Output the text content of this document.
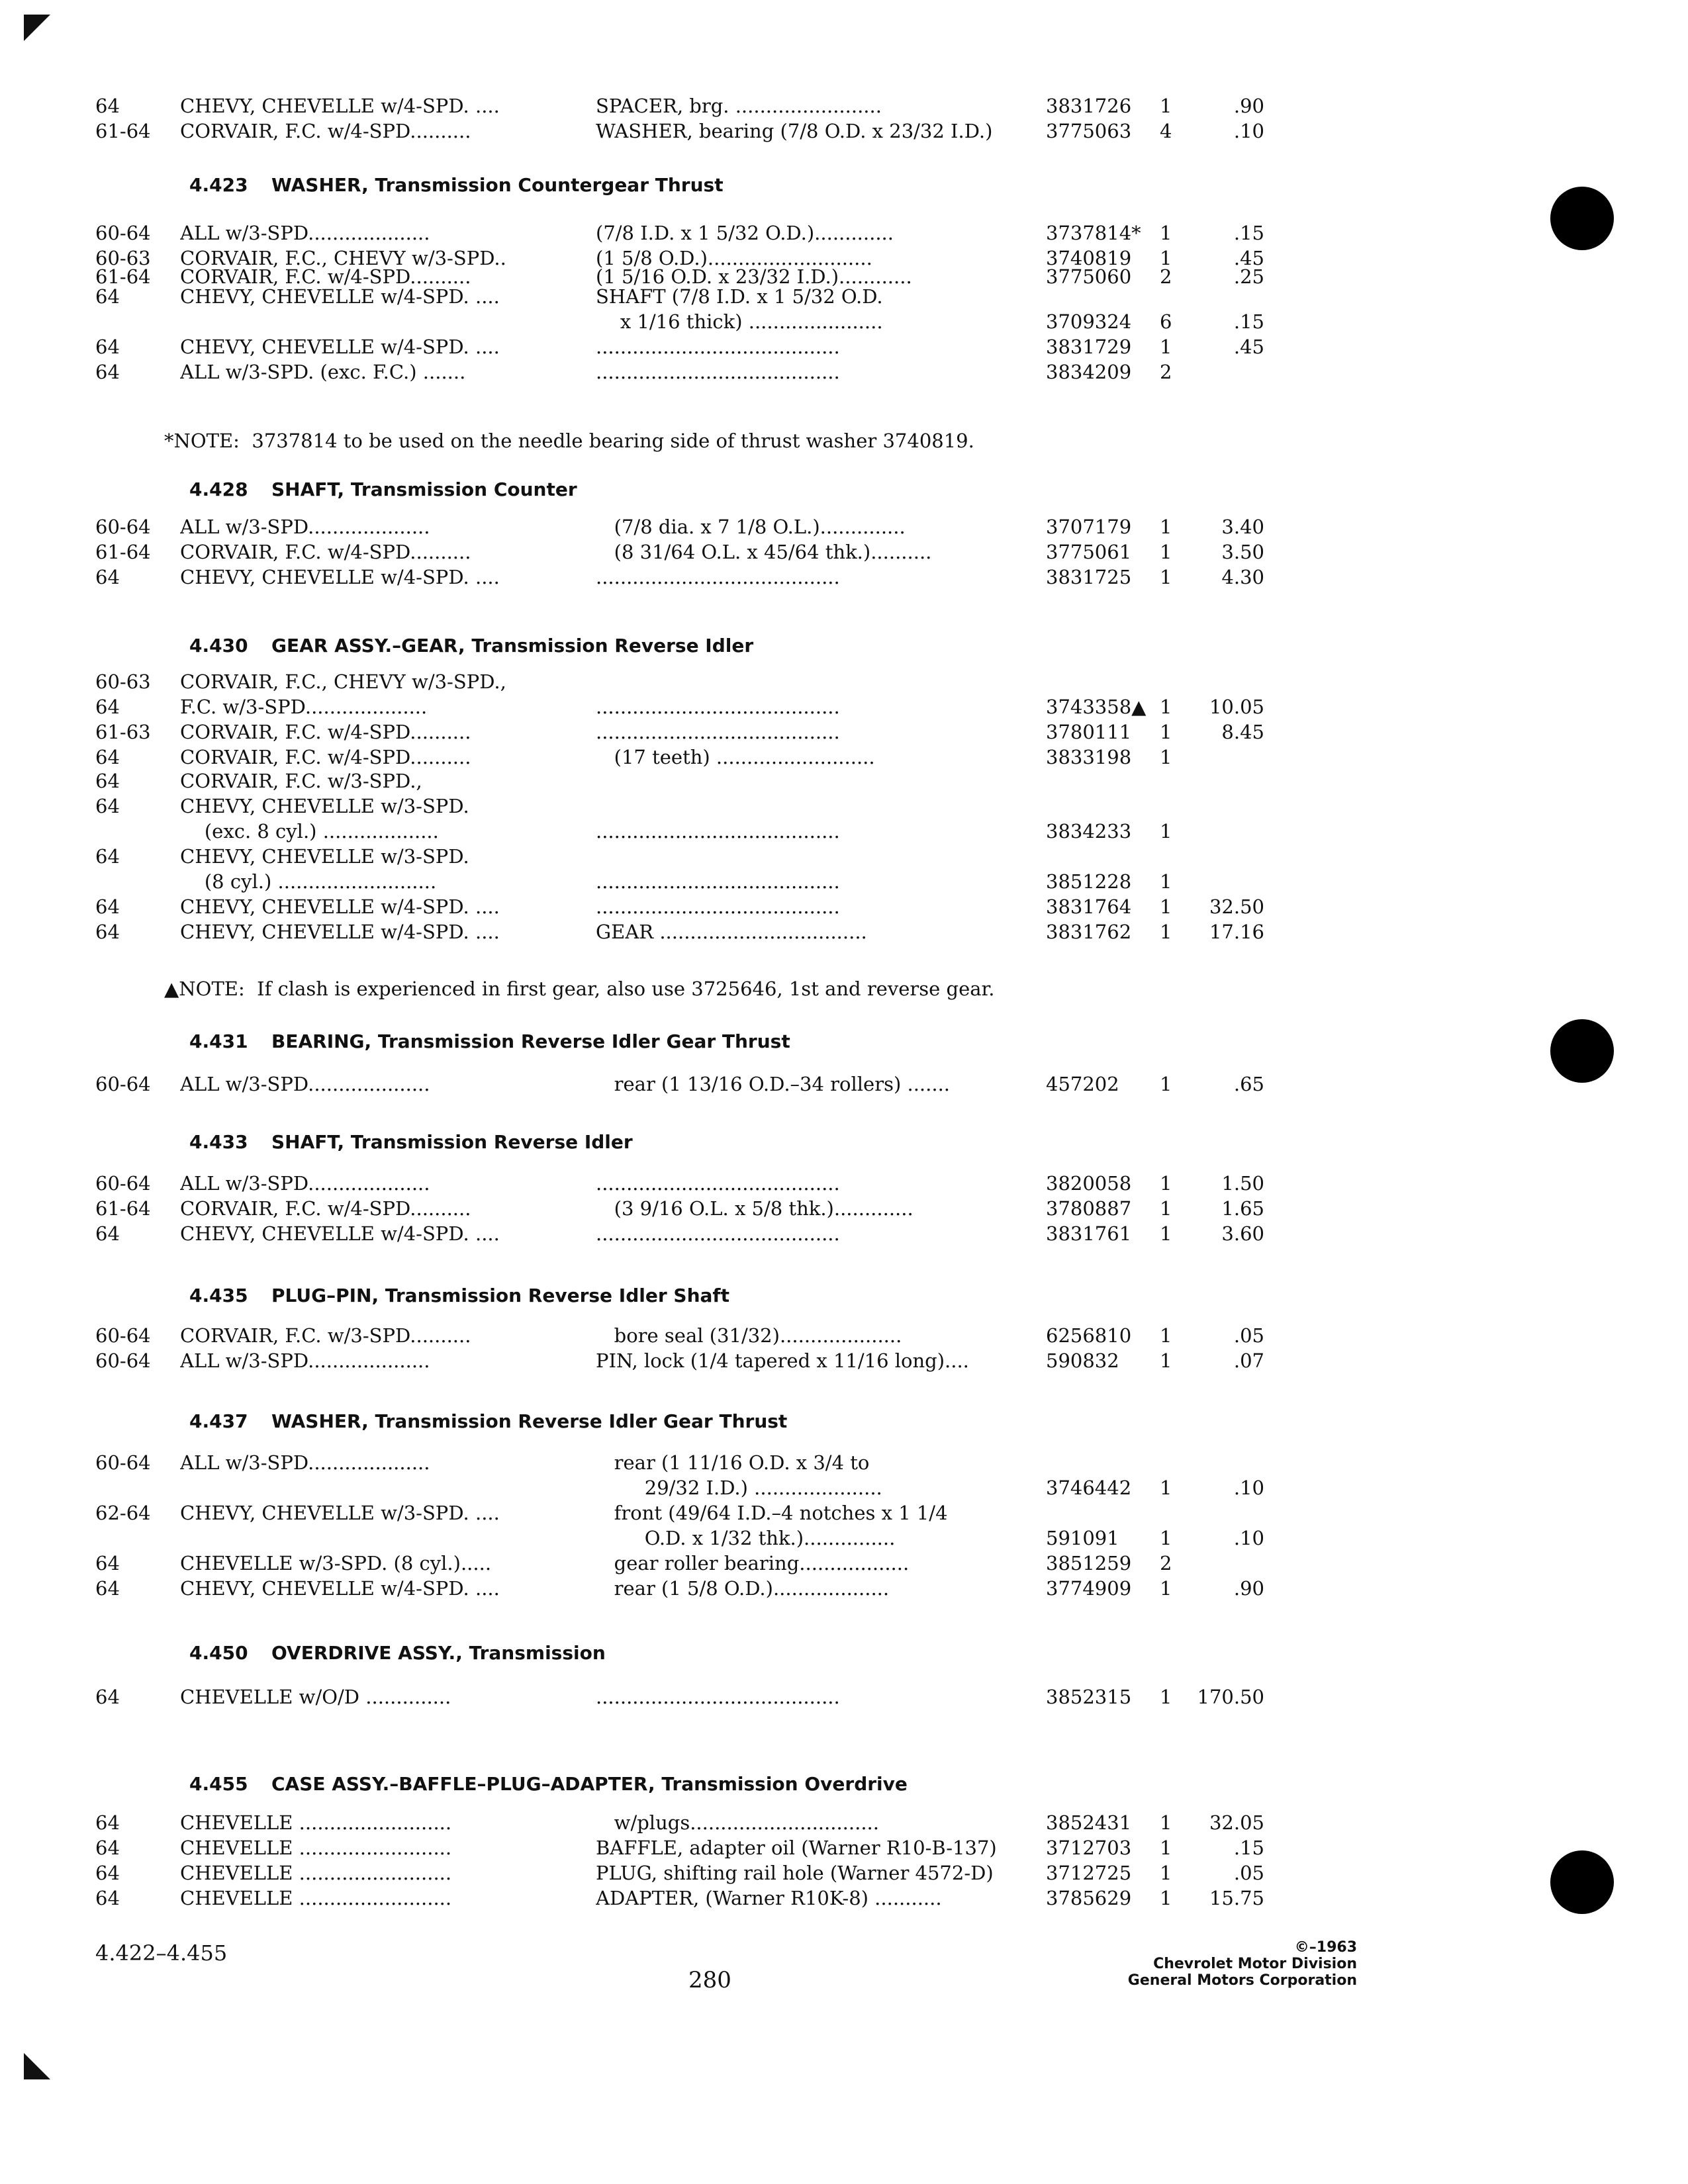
64	CHEVY, CHEVELLE w/4-SPD. ....	SPACER, brg. ........................	3831726 1	.90
61-64 CORVAIR, F.C. w/4-SPD..........	WASHER, bearing (7/8 O.D. x 23/32 I.D.)	3775063 4	.10
4.423 WASHER, Transmission Countergear Thrust
60-64 ALL w/3-SPD....................	(7/8 I.D. x 1 5/32 O.D.).............	3737814* 1	.15
60-63 CORVAIR, F.C., CHEVY w/3-SPD..	(1 5/8 O.D.)...........................	3740819 1	.45
61-64 CORVAIR, F.C. w/4-SPD..........	(1 5/16 O.D. x 23/32 I.D.)............	3775060 2	.25
64	CHEVY, CHEVELLE w/4-SPD. ....	SHAFT (7/8 I.D. x 1 5/32 O.D.
x 1/16 thick) ......................	3709324 6	.15
64	CHEVY, CHEVELLE w/4-SPD. ....	........................................	3831729 1	.45
64	ALL w/3-SPD. (exc. F.C.) .......	........................................	3834209 2
*NOTE:  3737814 to be used on the needle bearing side of thrust washer 3740819.
4.428 SHAFT, Transmission Counter
60-64 ALL w/3-SPD....................	(7/8 dia. x 7 1/8 O.L.)..............	3707179 1	3.40
61-64 CORVAIR, F.C. w/4-SPD..........	(8 31/64 O.L. x 45/64 thk.)..........	3775061 1	3.50
64	CHEVY, CHEVELLE w/4-SPD. ....	........................................	3831725 1	4.30
4.430 GEAR ASSY.–GEAR, Transmission Reverse Idler
60-63 CORVAIR, F.C., CHEVY w/3-SPD.,
64	F.C. w/3-SPD....................	........................................	3743358▲ 1	10.05
61-63 CORVAIR, F.C. w/4-SPD..........	........................................	3780111 1	8.45
64	CORVAIR, F.C. w/4-SPD..........	(17 teeth) ..........................	3833198 1
64	CORVAIR, F.C. w/3-SPD.,
64	CHEVY, CHEVELLE w/3-SPD.
(exc. 8 cyl.) ...................	........................................	3834233 1
64	CHEVY, CHEVELLE w/3-SPD.
(8 cyl.) ..........................	........................................	3851228 1
64	CHEVY, CHEVELLE w/4-SPD. ....	........................................	3831764 1	32.50
64	CHEVY, CHEVELLE w/4-SPD. ....	GEAR ..................................	3831762 1	17.16
▲NOTE:  If clash is experienced in first gear, also use 3725646, 1st and reverse gear.
4.431 BEARING, Transmission Reverse Idler Gear Thrust
60-64 ALL w/3-SPD....................	rear (1 13/16 O.D.–34 rollers) .......	457202 1	.65
4.433 SHAFT, Transmission Reverse Idler
60-64 ALL w/3-SPD....................	........................................	3820058 1	1.50
61-64 CORVAIR, F.C. w/4-SPD..........	(3 9/16 O.L. x 5/8 thk.).............	3780887 1	1.65
64	CHEVY, CHEVELLE w/4-SPD. ....	........................................	3831761 1	3.60
4.435 PLUG–PIN, Transmission Reverse Idler Shaft
60-64 CORVAIR, F.C. w/3-SPD..........	bore seal (31/32)....................	6256810 1	.05
60-64 ALL w/3-SPD....................	PIN, lock (1/4 tapered x 11/16 long)....	590832 1	.07
4.437 WASHER, Transmission Reverse Idler Gear Thrust
60-64 ALL w/3-SPD....................	rear (1 11/16 O.D. x 3/4 to
29/32 I.D.) .....................	3746442 1	.10
62-64 CHEVY, CHEVELLE w/3-SPD. ....	front (49/64 I.D.–4 notches x 1 1/4
O.D. x 1/32 thk.)...............	591091 1	.10
64	CHEVELLE w/3-SPD. (8 cyl.).....	gear roller bearing..................	3851259 2
64	CHEVY, CHEVELLE w/4-SPD. ....	rear (1 5/8 O.D.)...................	3774909 1	.90
4.450 OVERDRIVE ASSY., Transmission
64	CHEVELLE w/O/D ..............	........................................	3852315 1	170.50
4.455 CASE ASSY.–BAFFLE–PLUG–ADAPTER, Transmission Overdrive
64	CHEVELLE .........................	w/plugs...............................	3852431 1	32.05
64	CHEVELLE .........................	BAFFLE, adapter oil (Warner R10-B-137)	3712703 1	.15
64	CHEVELLE .........................	PLUG, shifting rail hole (Warner 4572-D)	3712725 1	.05
64	CHEVELLE .........................	ADAPTER, (Warner R10K-8) ...........	3785629 1	15.75
4.422–4.455
280
©–1963
Chevrolet Motor Division
General Motors Corporation
